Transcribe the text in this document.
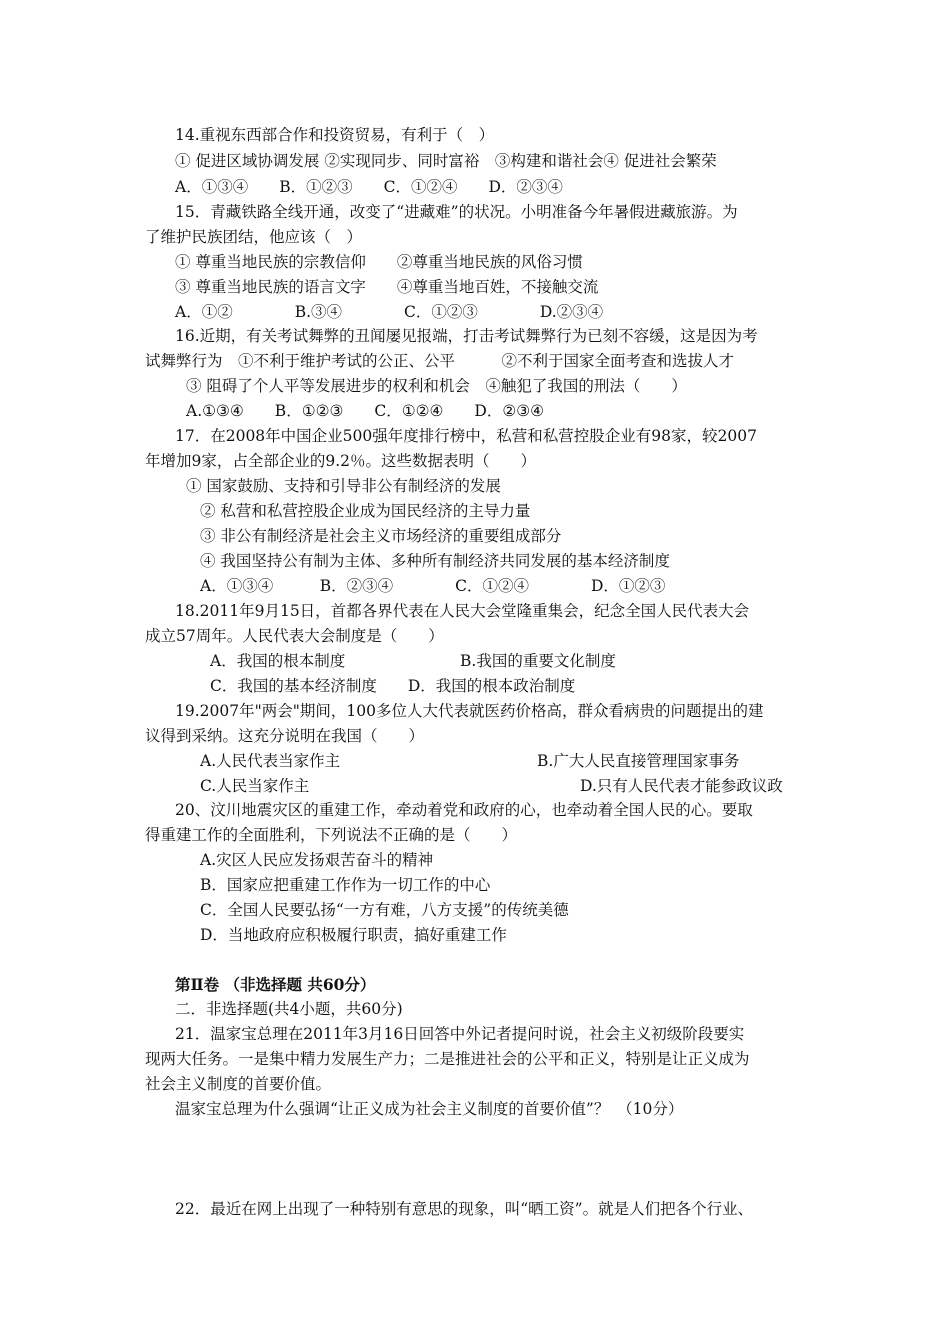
14.重视东西部合作和投资贸易，有利于（　）
① 促进区域协调发展 ②实现同步、同时富裕　③构建和谐社会④ 促进社会繁荣
A．①③④　　B．①②③　　C．①②④　　D．②③④
15．青藏铁路全线开通，改变了“进藏难”的状况。小明准备今年暑假进藏旅游。为
了维护民族团结，他应该（　）
① 尊重当地民族的宗教信仰　　②尊重当地民族的风俗习惯
③ 尊重当地民族的语言文字　　④尊重当地百姓，不接触交流
A．①②　　　　B.③④　　　　C．①②③　　　　D.②③④
16.近期，有关考试舞弊的丑闻屡见报端，打击考试舞弊行为已刻不容缓，这是因为考
试舞弊行为　①不利于维护考试的公正、公平　　　②不利于国家全面考查和选拔人才
③ 阻碍了个人平等发展进步的权利和机会　④触犯了我国的刑法（　　）
A.①③④　　B．①②③　　C．①②④　　D．②③④
17．在2008年中国企业500强年度排行榜中，私营和私营控股企业有98家，较2007
年增加9家，占全部企业的9.2％。这些数据表明（　　）
① 国家鼓励、支持和引导非公有制经济的发展
② 私营和私营控股企业成为国民经济的主导力量
③ 非公有制经济是社会主义市场经济的重要组成部分
④ 我国坚持公有制为主体、多种所有制经济共同发展的基本经济制度
A．①③④　　　B．②③④　　　　C．①②④　　　　D．①②③
18.2011年9月15日，首都各界代表在人民大会堂隆重集会，纪念全国人民代表大会
成立57周年。人民代表大会制度是（　　）
A．我国的根本制度	B.我国的重要文化制度
C．我国的基本经济制度　　D．我国的根本政治制度
19.2007年"两会"期间，100多位人大代表就医药价格高，群众看病贵的问题提出的建
议得到采纳。这充分说明在我国（　　）
A.人民代表当家作主	B.广大人民直接管理国家事务
C.人民当家作主	D.只有人民代表才能参政议政
20、汶川地震灾区的重建工作，牵动着党和政府的心，也牵动着全国人民的心。要取
得重建工作的全面胜利，下列说法不正确的是（　　）
A.灾区人民应发扬艰苦奋斗的精神
B．国家应把重建工作作为一切工作的中心
C．全国人民要弘扬“一方有难，八方支援”的传统美德
D．当地政府应积极履行职责，搞好重建工作
第Ⅱ卷 （非选择题 共60分）
二．非选择题(共4小题，共60分)
21．温家宝总理在2011年3月16日回答中外记者提问时说，社会主义初级阶段要实
现两大任务。一是集中精力发展生产力；二是推进社会的公平和正义，特别是让正义成为
社会主义制度的首要价值。
温家宝总理为什么强调“让正义成为社会主义制度的首要价值”？　（10分）
22．最近在网上出现了一种特别有意思的现象，叫“晒工资”。就是人们把各个行业、
